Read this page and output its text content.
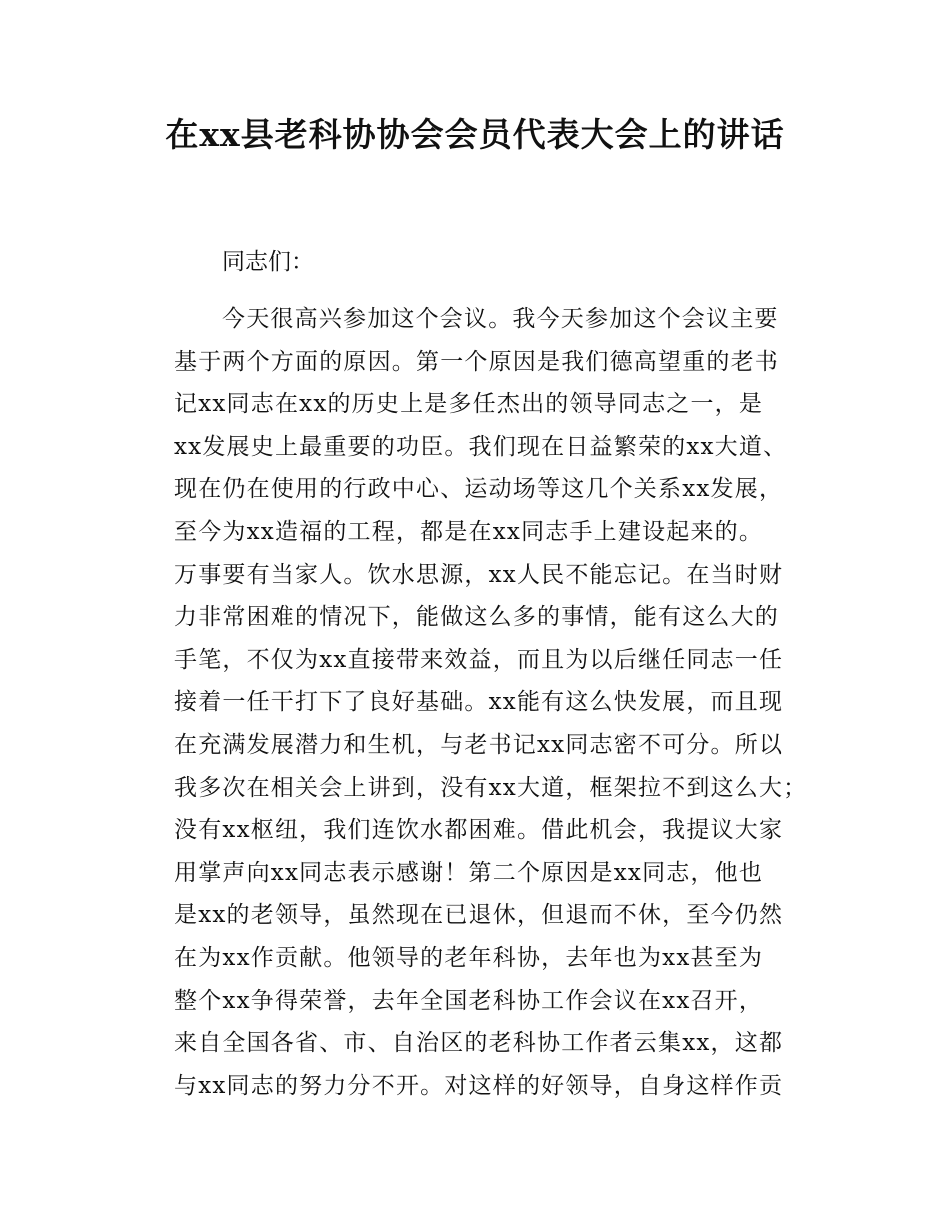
在xx县老科协协会会员代表大会上的讲话
同志们：
今天很高兴参加这个会议。我今天参加这个会议主要
基于两个方面的原因。第一个原因是我们德高望重的老书
记xx同志在xx的历史上是多任杰出的领导同志之一，是
xx发展史上最重要的功臣。我们现在日益繁荣的xx大道、
现在仍在使用的行政中心、运动场等这几个关系xx发展，
至今为xx造福的工程，都是在xx同志手上建设起来的。
万事要有当家人。饮水思源，xx人民不能忘记。在当时财
力非常困难的情况下，能做这么多的事情，能有这么大的
手笔，不仅为xx直接带来效益，而且为以后继任同志一任
接着一任干打下了良好基础。xx能有这么快发展，而且现
在充满发展潜力和生机，与老书记xx同志密不可分。所以
我多次在相关会上讲到，没有xx大道，框架拉不到这么大；
没有xx枢纽，我们连饮水都困难。借此机会，我提议大家
用掌声向xx同志表示感谢！第二个原因是xx同志，他也
是xx的老领导，虽然现在已退休，但退而不休，至今仍然
在为xx作贡献。他领导的老年科协，去年也为xx甚至为
整个xx争得荣誉，去年全国老科协工作会议在xx召开，
来自全国各省、市、自治区的老科协工作者云集xx，这都
与xx同志的努力分不开。对这样的好领导，自身这样作贡
